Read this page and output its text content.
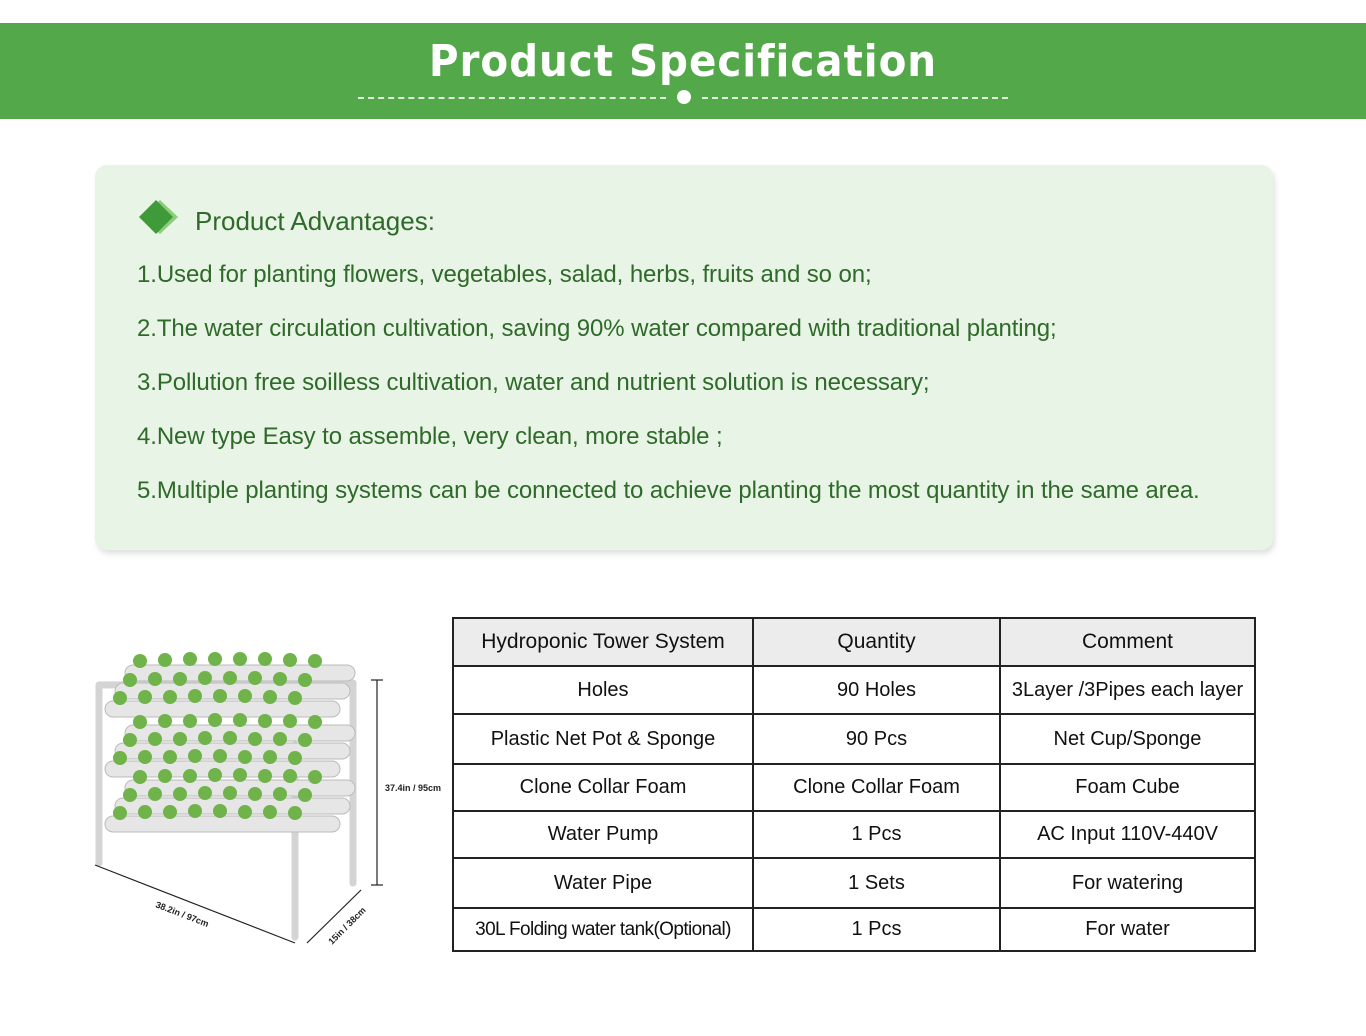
Product Specification
Product Advantages:
1.Used for planting flowers, vegetables, salad, herbs, fruits and so on;
2.The water circulation cultivation, saving 90% water compared with traditional planting;
3.Pollution free soilless cultivation, water and nutrient solution is necessary;
4.New type Easy to assemble, very clean, more stable ;
5.Multiple planting systems can be connected to achieve planting the most quantity in the same area.
37.4in / 95cm
38.2in / 97cm	15in / 38cm
Hydroponic Tower System	Quantity	Comment
Holes	90 Holes	3Layer /3Pipes each layer
Plastic Net Pot & Sponge	90 Pcs	Net Cup/Sponge
Clone Collar Foam	Clone Collar Foam	Foam Cube
Water Pump	1 Pcs	AC Input 110V-440V
Water Pipe	1 Sets	For watering
30L Folding water tank(Optional)	1 Pcs	For water
